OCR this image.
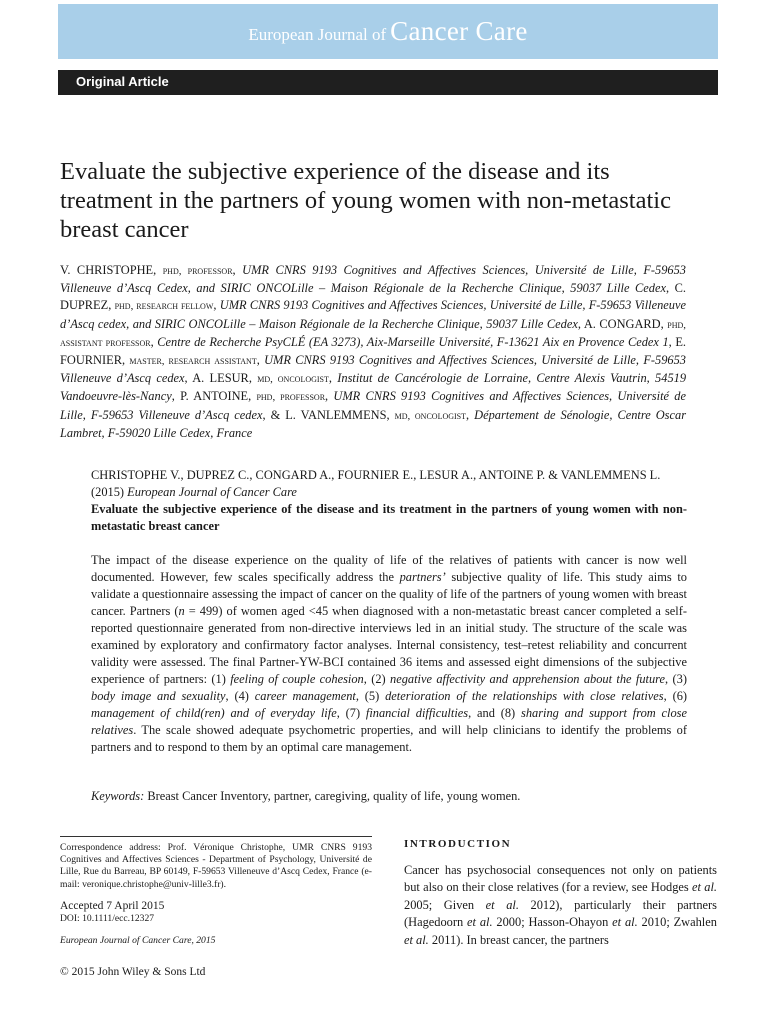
European Journal of Cancer Care
Original Article
Evaluate the subjective experience of the disease and its treatment in the partners of young women with non-metastatic breast cancer
V. CHRISTOPHE, phd, professor, UMR CNRS 9193 Cognitives and Affectives Sciences, Université de Lille, F-59653 Villeneuve d’Ascq Cedex, and SIRIC ONCOLille – Maison Régionale de la Recherche Clinique, 59037 Lille Cedex, C. DUPREZ, phd, research fellow, UMR CNRS 9193 Cognitives and Affectives Sciences, Université de Lille, F-59653 Villeneuve d’Ascq cedex, and SIRIC ONCOLille – Maison Régionale de la Recherche Clinique, 59037 Lille Cedex, A. CONGARD, phd, assistant professor, Centre de Recherche PsyCLÉ (EA 3273), Aix-Marseille Université, F-13621 Aix en Provence Cedex 1, E. FOURNIER, master, research assistant, UMR CNRS 9193 Cognitives and Affectives Sciences, Université de Lille, F-59653 Villeneuve d’Ascq cedex, A. LESUR, md, oncologist, Institut de Cancérologie de Lorraine, Centre Alexis Vautrin, 54519 Vandoeuvre-lès-Nancy, P. ANTOINE, phd, professor, UMR CNRS 9193 Cognitives and Affectives Sciences, Université de Lille, F-59653 Villeneuve d’Ascq cedex, & L. VANLEMMENS, md, oncologist, Département de Sénologie, Centre Oscar Lambret, F-59020 Lille Cedex, France
CHRISTOPHE V., DUPREZ C., CONGARD A., FOURNIER E., LESUR A., ANTOINE P. & VANLEMMENS L. (2015) European Journal of Cancer Care
Evaluate the subjective experience of the disease and its treatment in the partners of young women with non-metastatic breast cancer
The impact of the disease experience on the quality of life of the relatives of patients with cancer is now well documented. However, few scales specifically address the partners’ subjective quality of life. This study aims to validate a questionnaire assessing the impact of cancer on the quality of life of the partners of young women with breast cancer. Partners (n = 499) of women aged <45 when diagnosed with a non-metastatic breast cancer completed a self-reported questionnaire generated from non-directive interviews led in an initial study. The structure of the scale was examined by exploratory and confirmatory factor analyses. Internal consistency, test–retest reliability and concurrent validity were assessed. The final Partner-YW-BCI contained 36 items and assessed eight dimensions of the subjective experience of partners: (1) feeling of couple cohesion, (2) negative affectivity and apprehension about the future, (3) body image and sexuality, (4) career management, (5) deterioration of the relationships with close relatives, (6) management of child(ren) and of everyday life, (7) financial difficulties, and (8) sharing and support from close relatives. The scale showed adequate psychometric properties, and will help clinicians to identify the problems of partners and to respond to them by an optimal care management.
Keywords: Breast Cancer Inventory, partner, caregiving, quality of life, young women.
Correspondence address: Prof. Véronique Christophe, UMR CNRS 9193 Cognitives and Affectives Sciences - Department of Psychology, Université de Lille, Rue du Barreau, BP 60149, F-59653 Villeneuve d’Ascq Cedex, France (e-mail: veronique.christophe@univ-lille3.fr).
Accepted 7 April 2015
DOI: 10.1111/ecc.12327
European Journal of Cancer Care, 2015
© 2015 John Wiley & Sons Ltd
INTRODUCTION
Cancer has psychosocial consequences not only on patients but also on their close relatives (for a review, see Hodges et al. 2005; Given et al. 2012), particularly their partners (Hagedoorn et al. 2000; Hasson-Ohayon et al. 2010; Zwahlen et al. 2011). In breast cancer, the partners
